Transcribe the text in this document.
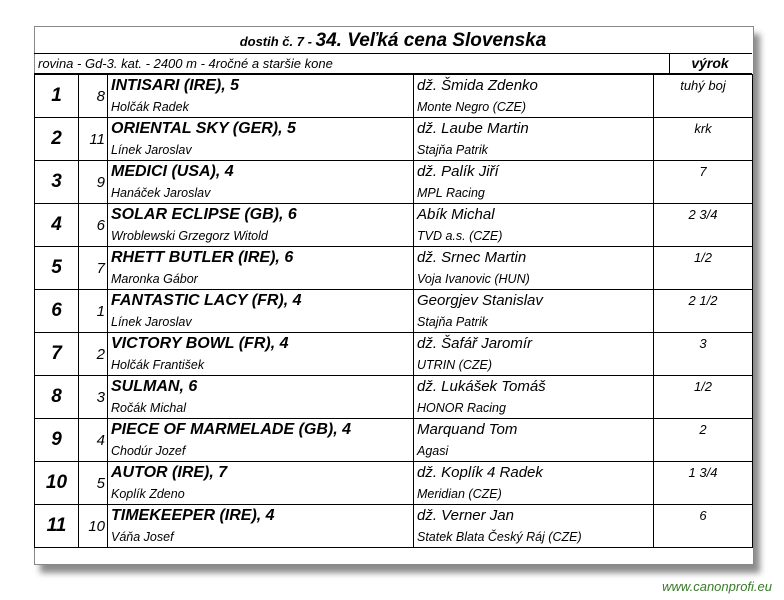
dostih č. 7 - 34. Veľká cena Slovenska
rovina - Gd-3. kat. - 2400 m - 4ročné a staršie kone	výrok
1	8	INTISARI (IRE), 5	dž. Šmida Zdenko	tuhý boj
		Holčák Radek	Monte Negro (CZE)	
2	11	ORIENTAL SKY (GER), 5	dž. Laube Martin	krk
		Línek Jaroslav	Stajňa Patrik	
3	9	MEDICI (USA), 4	dž. Palík Jiří	7
		Hanáček Jaroslav	MPL Racing	
4	6	SOLAR ECLIPSE (GB), 6	Abík Michal	2 3/4
		Wroblewski Grzegorz Witold	TVD a.s. (CZE)	
5	7	RHETT BUTLER (IRE), 6	dž. Srnec Martin	1/2
		Maronka Gábor	Voja Ivanovic (HUN)	
6	1	FANTASTIC LACY (FR), 4	Georgjev Stanislav	2 1/2
		Línek Jaroslav	Stajňa Patrik	
7	2	VICTORY BOWL (FR), 4	dž. Šafář Jaromír	3
		Holčák František	UTRIN (CZE)	
8	3	SULMAN, 6	dž. Lukášek Tomáš	1/2
		Ročák Michal	HONOR Racing	
9	4	PIECE OF MARMELADE (GB), 4	Marquand Tom	2
		Chodúr Jozef	Agasi	
10	5	AUTOR (IRE), 7	dž. Koplík 4 Radek	1 3/4
		Koplík Zdeno	Meridian (CZE)	
11	10	TIMEKEEPER (IRE), 4	dž. Verner Jan	6
		Váňa Josef	Statek Blata Český Ráj (CZE)	
www.canonprofi.eu
